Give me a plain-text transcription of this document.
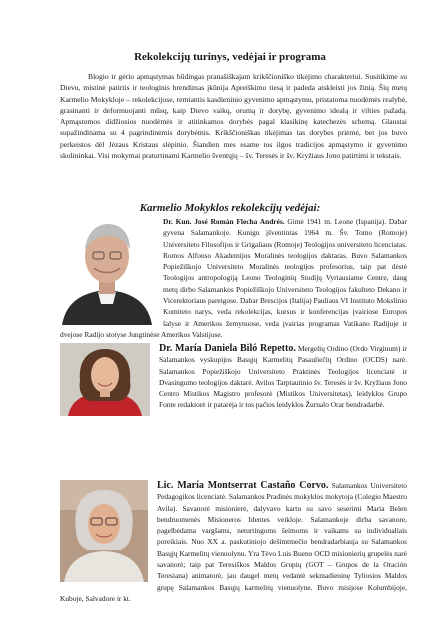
Rekolekcijų turinys, vedėjai ir programa
Blogio ir gėrio apmąstymas būdingas pranašiškajam krikščioniško tikėjimo charakteriui. Susitikime su Dievu, mistinė patirtis ir teologinis brendimas įkūnija Apreiškimo tiesą ir padeda atskleisti jos žinią. Šių metų Karmelio Mokykloje – rekolekcijose, remiantis kasdieninio gyvenimo apmąstymu, pristatoma nuodėmės realybė, grasinanti ir deformuojanti mūsų, kaip Dievo vaikų, orumą ir dorybę, gyvenimo idealą ir vilties pažadą. Apmąstomos didžiosios nuodėmės ir atitinkamos dorybės pagal klasikinę katechezės schemą. Glaustai supažindinama su 4 pagrindinėmis dorybėmis. Krikščioniškas tikėjimas tas dorybes priėmė, bet jos buvo perkeistos dėl Jėzaus Kristaus slėpinio. Šiandien mes esame tos ilgos tradicijos apmąstymo ir gyvenimo skolininkai. Visi mokymai praturtinami Karmelio šventųjų – šv. Teresės ir šv. Kryžiaus Jono patirtimi ir tekstais.
Karmelio Mokyklos rekolekcijų vedėjai:
Dr. Kun. José Román Flecha Andrés. Gimė 1941 m. Leone (Ispanija). Dabar gyvena Salamankoje. Kunigu įšventintas 1964 m. Šv. Tomo (Romoje) Universiteto Filosofijos ir Grigaliaus (Romoje) Teologijos universiteto licenciatas. Romos Alfonso Akademijos Moralinės teologijos daktaras. Buvo Salamankos Popiežiškojo Universiteto Moralinės teologijos profesorius, taip pat dėstė Teologijos antropologiją Leono Teologinių Studijų Vyriausiame Centre, daug metų dirbo Salamankos Popiežiškojo Universiteto Teologijos fakulteto Dekano ir Vicerektoriaus pareigose. Dabar Brescijos (Italija) Pauliaus VI Instituto Mokslinio Komiteto narys, veda rekolekcijas, kursus ir konferencijas įvairiose Europos šalyse ir Amerikos žemynuose, veda įvairias programas Vatikano Radijuje ir dvejose Radijo stotyse Jungtinėse Amerikos Valstijose.
Dr. María Daniela Biló Repetto. Mergelių Ordino (Ordo Virginum) ir Salamankos vyskupijos Basųjų Karmelitų Pasauliečių Ordino (OCDS) narė. Salamankos Popiežiškojo Universiteto Praktinės Teologijos licenciatė ir Dvasingumo teologijos daktarė. Avilos Tarptautinio šv. Teresės ir šv. Kryžiaus Jono Centro Mistikos Magistro profesorė (Mistikos Universitetas), leidyklos Grupo Fonte redaktorė ir patarėja ir tos pačios leidyklos Žurnalo Orar bendradarbė.
Lic. María Montserrat Castaño Corvo. Salamankos Universiteto Pedagogikos licenciatė. Salamankos Pradinės mokyklos mokytoja (Colegio Maestro Avila). Savanorė misionierė, dalyvavo kartu su savo seserimi María Belen bendruomenės Misioneros Identes veikloje. Salamankoje dirba savanore, pagelbėdama vargšams, neturtingoms šeimoms ir vaikams su individualiais poreikiais. Nuo XX a. paskutiniojo dešimtmečio bendradarbiauja su Salamankos Basųjų Karmelitų vienuolynu. Yra Tėvo Luis Bueno OCD misionierių grupelės narė savanorė; taip pat Teresiškos Maldos Grupių (GOT – Grupos de la Oración Teresiana) animatorė, jau daugel metų vedantė sekmadieninę Tyliosios Maldos grupę Salamankos Basųjų karmelitų vienuolyne. Buvo misijose Kolumbijoje, Kuboje, Salvadore ir kt.
